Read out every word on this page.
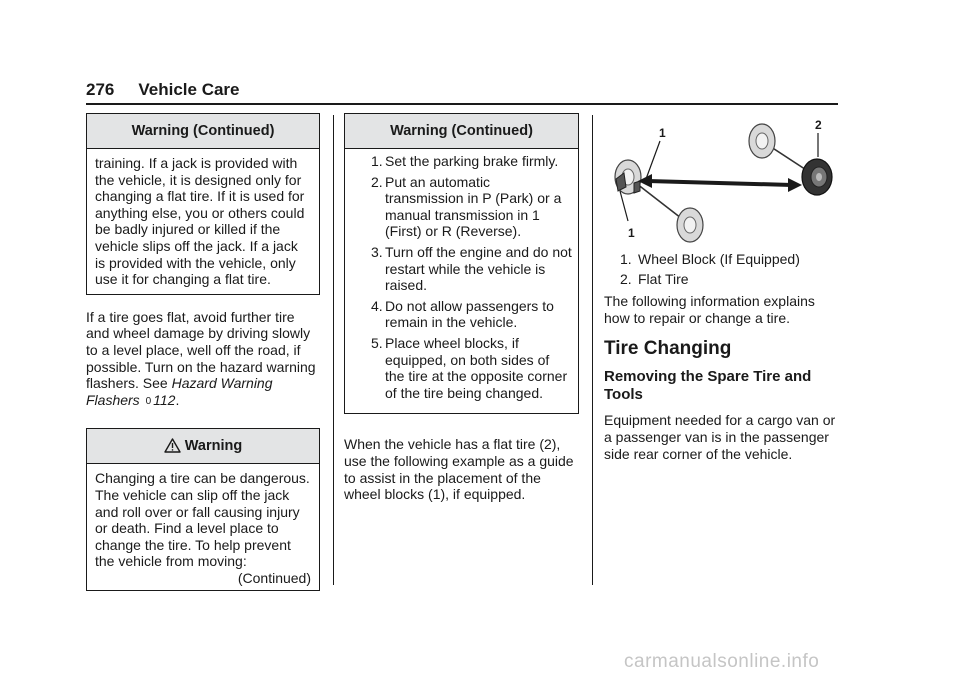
276 Vehicle Care
Warning (Continued)

training. If a jack is provided with the vehicle, it is designed only for changing a flat tire. If it is used for anything else, you or others could be badly injured or killed if the vehicle slips off the jack. If a jack is provided with the vehicle, only use it for changing a flat tire.

If a tire goes flat, avoid further tire and wheel damage by driving slowly to a level place, well off the road, if possible. Turn on the hazard warning flashers. See Hazard Warning Flashers 0 112.

Warning

Changing a tire can be dangerous. The vehicle can slip off the jack and roll over or fall causing injury or death. Find a level place to change the tire. To help prevent the vehicle from moving:

(Continued)
Warning (Continued)
1. Set the parking brake firmly.
2. Put an automatic transmission in P (Park) or a manual transmission in 1 (First) or R (Reverse).
3. Turn off the engine and do not restart while the vehicle is raised.
4. Do not allow passengers to remain in the vehicle.
5. Place wheel blocks, if equipped, on both sides of the tire at the opposite corner of the tire being changed.

When the vehicle has a flat tire (2), use the following example as a guide to assist in the placement of the wheel blocks (1), if equipped.

1
1
2
1. Wheel Block (If Equipped)
2. Flat Tire

The following information explains how to repair or change a tire.

Tire Changing
Removing the Spare Tire and Tools

Equipment needed for a cargo van or a passenger van is in the passenger side rear corner of the vehicle.

carmanualsonline.info
